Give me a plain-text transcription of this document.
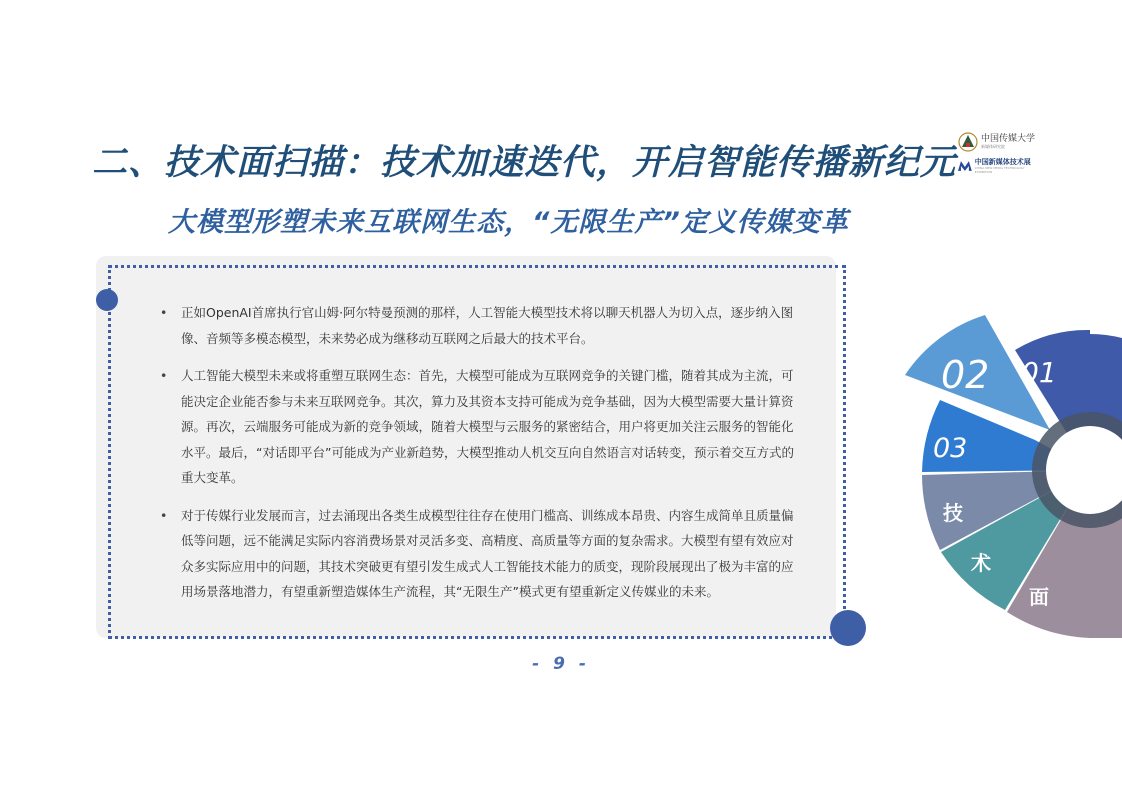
二、技术面扫描：技术加速迭代，开启智能传播新纪元
大模型形塑未来互联网生态，“无限生产”定义传媒变革
中国传媒大学
新媒体研究院
中国新媒体技术展
CHINA NEW MEDIA TECHNOLOGY EXHIBITION
• 正如OpenAI首席执行官山姆·阿尔特曼预测的那样，人工智能大模型技术将以聊天机器人为切入点，逐步纳入图像、音频等多模态模型，未来势必成为继移动互联网之后最大的技术平台。
• 人工智能大模型未来或将重塑互联网生态：首先，大模型可能成为互联网竞争的关键门槛，随着其成为主流，可能决定企业能否参与未来互联网竞争。其次，算力及其资本支持可能成为竞争基础，因为大模型需要大量计算资源。再次，云端服务可能成为新的竞争领域，随着大模型与云服务的紧密结合，用户将更加关注云服务的智能化水平。最后，“对话即平台”可能成为产业新趋势，大模型推动人机交互向自然语言对话转变，预示着交互方式的重大变革。
• 对于传媒行业发展而言，过去涌现出各类生成模型往往存在使用门槛高、训练成本昂贵、内容生成简单且质量偏低等问题，远不能满足实际内容消费场景对灵活多变、高精度、高质量等方面的复杂需求。大模型有望有效应对众多实际应用中的问题，其技术突破更有望引发生成式人工智能技术能力的质变，现阶段展现出了极为丰富的应用场景落地潜力，有望重新塑造媒体生产流程，其“无限生产”模式更有望重新定义传媒业的未来。
01
02
03
技
术
面
- 9 -
